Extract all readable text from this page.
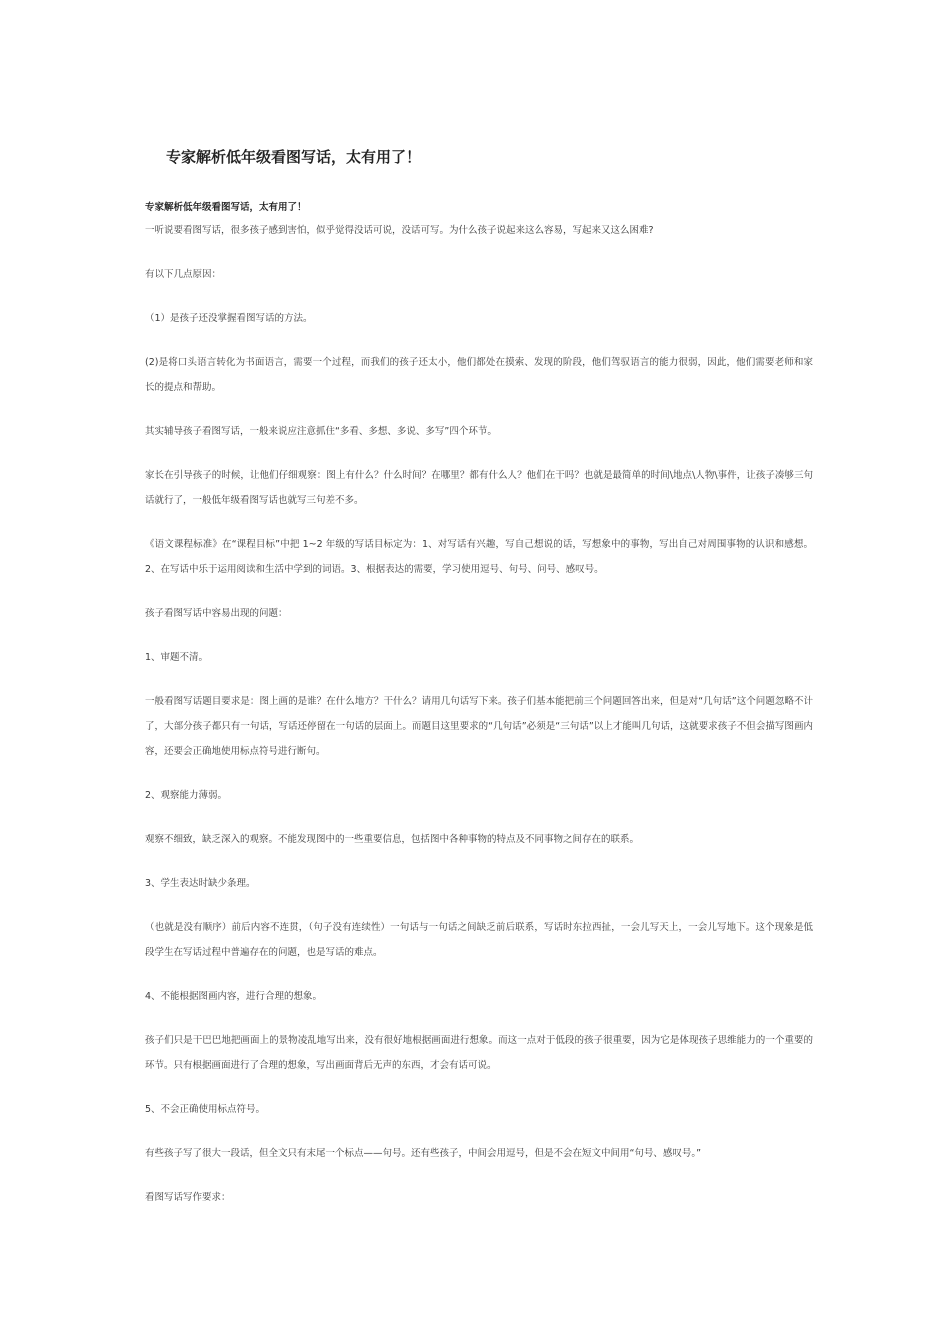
专家解析低年级看图写话，太有用了！

专家解析低年级看图写话，太有用了！

一听说要看图写话，很多孩子感到害怕，似乎觉得没话可说，没话可写。为什么孩子说起来这么容易，写起来又这么困难?

有以下几点原因：

（1）是孩子还没掌握看图写话的方法。

(2)是将口头语言转化为书面语言，需要一个过程，而我们的孩子还太小，他们都处在摸索、发现的阶段，他们驾驭语言的能力很弱，因此，他们需要老师和家长的提点和帮助。

其实辅导孩子看图写话，一般来说应注意抓住“多看、多想、多说、多写”四个环节。

家长在引导孩子的时候，让他们仔细观察：图上有什么？什么时间？在哪里？都有什么人？他们在干吗？也就是最简单的时间\地点\人物\事件，让孩子凑够三句话就行了，一般低年级看图写话也就写三句差不多。

《语文课程标准》在“课程目标”中把 1~2 年级的写话目标定为：1、对写话有兴趣，写自己想说的话，写想象中的事物，写出自己对周围事物的认识和感想。2、在写话中乐于运用阅读和生活中学到的词语。3、根据表达的需要，学习使用逗号、句号、问号、感叹号。

孩子看图写话中容易出现的问题：

1、审题不清。

一般看图写话题目要求是：图上画的是谁？在什么地方？干什么？请用几句话写下来。孩子们基本能把前三个问题回答出来，但是对“几句话”这个问题忽略不计了，大部分孩子都只有一句话，写话还停留在一句话的层面上。而题目这里要求的“几句话”必须是“三句话”以上才能叫几句话，这就要求孩子不但会描写图画内容，还要会正确地使用标点符号进行断句。

2、观察能力薄弱。

观察不细致，缺乏深入的观察。不能发现图中的一些重要信息，包括图中各种事物的特点及不同事物之间存在的联系。

3、学生表达时缺少条理。

（也就是没有顺序）前后内容不连贯，（句子没有连续性）一句话与一句话之间缺乏前后联系，写话时东拉西扯，一会儿写天上，一会儿写地下。这个现象是低段学生在写话过程中普遍存在的问题，也是写话的难点。

4、不能根据图画内容，进行合理的想象。

孩子们只是干巴巴地把画面上的景物凌乱地写出来，没有很好地根据画面进行想象。而这一点对于低段的孩子很重要，因为它是体现孩子思维能力的一个重要的环节。只有根据画面进行了合理的想象，写出画面背后无声的东西，才会有话可说。

5、不会正确使用标点符号。

有些孩子写了很大一段话，但全文只有末尾一个标点——句号。还有些孩子，中间会用逗号，但是不会在短文中间用“句号、感叹号。”

看图写话写作要求：
